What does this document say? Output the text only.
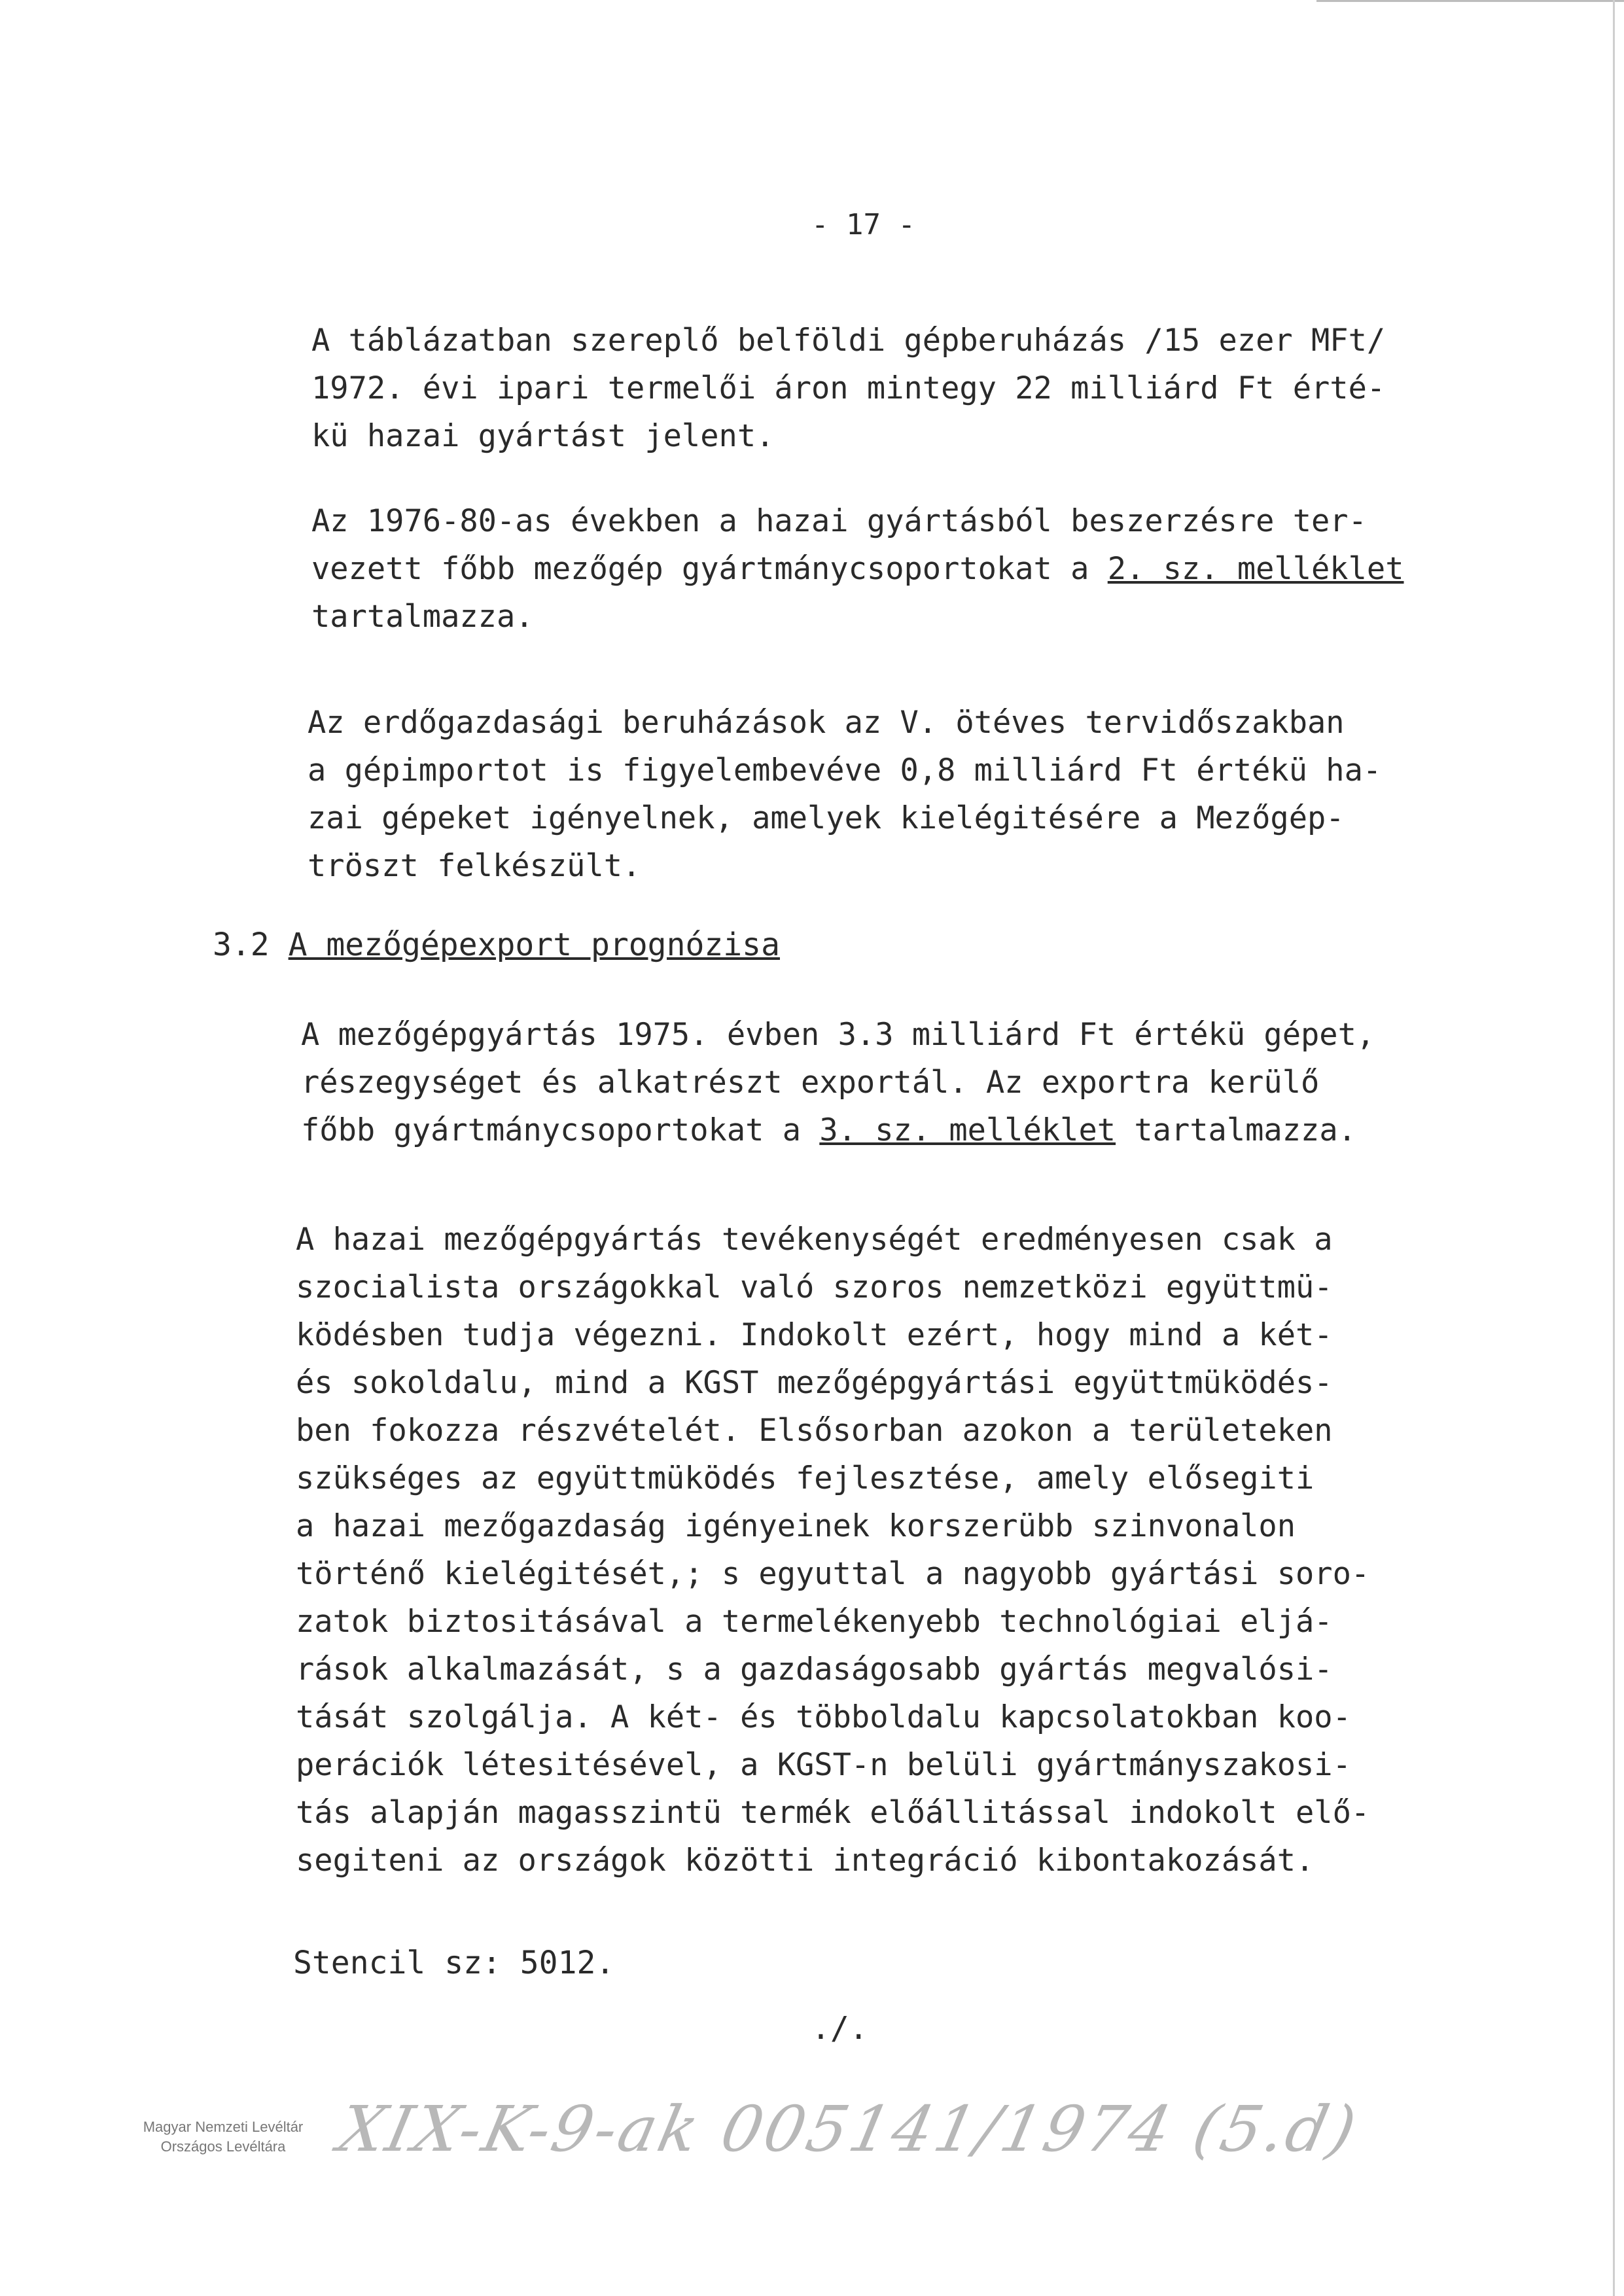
- 17 -
A táblázatban szereplő belföldi gépberuházás /15 ezer MFt/
1972. évi ipari termelői áron mintegy 22 milliárd Ft érté-
kü hazai gyártást jelent.
Az 1976-80-as években a hazai gyártásból beszerzésre ter-
vezett főbb mezőgép gyártmánycsoportokat a 2. sz. melléklet
tartalmazza.
Az erdőgazdasági beruházások az V. ötéves tervidőszakban
a gépimportot is figyelembevéve 0,8 milliárd Ft értékü ha-
zai gépeket igényelnek, amelyek kielégitésére a Mezőgép-
tröszt felkészült.
3.2 A mezőgépexport prognózisa
A mezőgépgyártás 1975. évben 3.3 milliárd Ft értékü gépet,
részegységet és alkatrészt exportál. Az exportra kerülő
főbb gyártmánycsoportokat a 3. sz. melléklet tartalmazza.
A hazai mezőgépgyártás tevékenységét eredményesen csak a
szocialista országokkal való szoros nemzetközi együttmü-
ködésben tudja végezni. Indokolt ezért, hogy mind a két-
és sokoldalu, mind a KGST mezőgépgyártási együttmüködés-
ben fokozza részvételét. Elsősorban azokon a területeken
szükséges az együttmüködés fejlesztése, amely elősegiti
a hazai mezőgazdaság igényeinek korszerübb szinvonalon
történő kielégitését,; s egyuttal a nagyobb gyártási soro-
zatok biztositásával a termelékenyebb technológiai eljá-
rások alkalmazását, s a gazdaságosabb gyártás megvalósi-
tását szolgálja. A két- és többoldalu kapcsolatokban koo-
perációk létesitésével, a KGST-n belüli gyártmányszakosi-
tás alapján magasszintü termék előállitással indokolt elő-
segiteni az országok közötti integráció kibontakozását.
Stencil sz: 5012.
./.
Magyar Nemzeti Levéltár
Országos Levéltára XIX-K-9-ak 005141/1974 (5.d)
